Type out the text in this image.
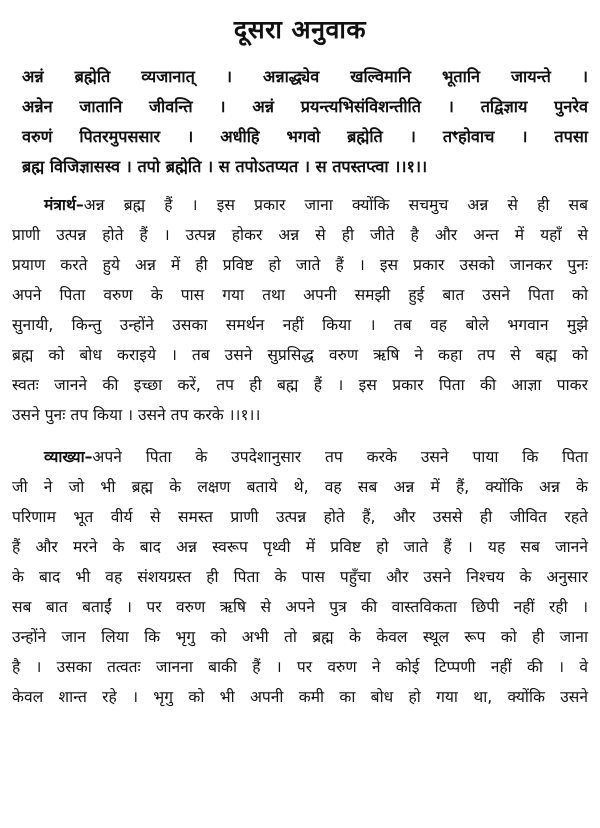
दूसरा अनुवाक
अन्नं ब्रह्मेति व्यजानात् । अन्नाद्ध्येव खल्विमानि भूतानि जायन्ते ।
अन्नेन जातानि जीवन्ति । अन्नं प्रयन्त्यभिसंविशन्तीति । तद्विज्ञाय पुनरेव
वरुणं पितरमुपससार । अधीहि भगवो ब्रह्मेति । तꣳहोवाच । तपसा
ब्रह्म विजिज्ञासस्व । तपो ब्रह्मेति । स तपोऽतप्यत । स तपस्तप्त्वा ।।१।।
मंत्रार्थ–अन्न ब्रह्म हैं । इस प्रकार जाना क्योंकि सचमुच अन्न से ही सब
प्राणी उत्पन्न होते हैं । उत्पन्न होकर अन्न से ही जीते है और अन्त में यहाँ से
प्रयाण करते हुये अन्न में ही प्रविष्ट हो जाते हैं । इस प्रकार उसको जानकर पुनः
अपने पिता वरुण के पास गया तथा अपनी समझी हुई बात उसने पिता को
सुनायी, किन्तु उन्होंने उसका समर्थन नहीं किया । तब वह बोले भगवान मुझे
ब्रह्म को बोध कराइये । तब उसने सुप्रसिद्ध वरुण ऋषि ने कहा तप से बह्म को
स्वतः जानने की इच्छा करें, तप ही बह्म हैं । इस प्रकार पिता की आज्ञा पाकर
उसने पुनः तप किया । उसने तप करके ।।१।।
व्याख्या–अपने पिता के उपदेशानुसार तप करके उसने पाया कि पिता
जी ने जो भी ब्रह्म के लक्षण बताये थे, वह सब अन्न में हैं, क्योंकि अन्न के
परिणाम भूत वीर्य से समस्त प्राणी उत्पन्न होते हैं, और उससे ही जीवित रहते
हैं और मरने के बाद अन्न स्वरूप पृथ्वी में प्रविष्ट हो जाते हैं । यह सब जानने
के बाद भी वह संशयग्रस्त ही पिता के पास पहुँचा और उसने निश्चय के अनुसार
सब बात बताईं । पर वरुण ऋषि से अपने पुत्र की वास्तविकता छिपी नहीं रही ।
उन्होंने जान लिया कि भृगु को अभी तो ब्रह्म के केवल स्थूल रूप को ही जाना
है । उसका तत्वतः जानना बाकी हैं । पर वरुण ने कोई टिप्पणी नहीं की । वे
केवल शान्त रहे । भृगु को भी अपनी कमी का बोध हो गया था, क्योंकि उसने
